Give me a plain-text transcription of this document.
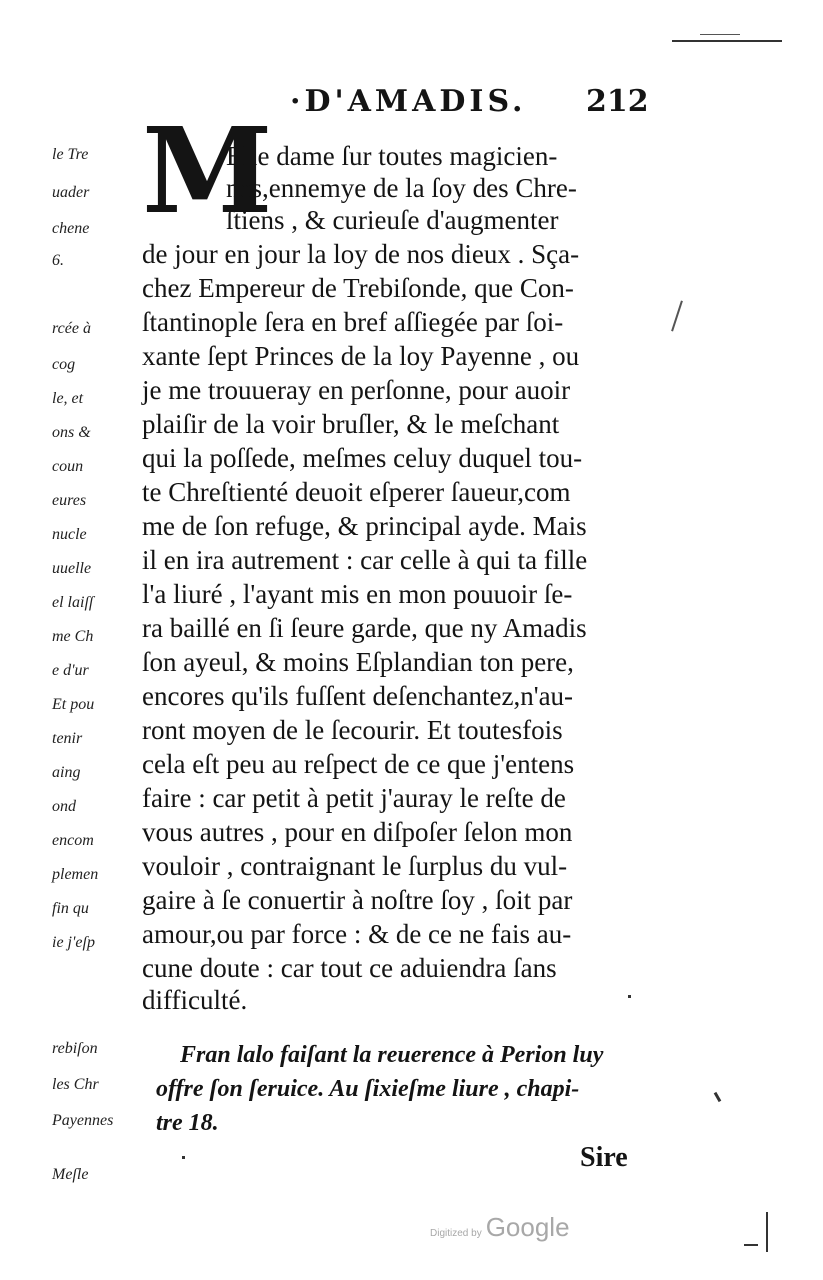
·D'AMADIS. 212
M
Elie dame ſur toutes magicien-
nes,ennemye de la ſoy des Chre-
ſtiens , & curieuſe d'augmenter
de jour en jour la loy de nos dieux . Sça-
chez Empereur de Trebiſonde, que Con-
ſtantinople ſera en bref aſſiegée par ſoi-
xante ſept Princes de la loy Payenne , ou
je me trouueray en perſonne, pour auoir
plaiſir de la voir bruſler, & le meſchant
qui la poſſede, meſmes celuy duquel tou-
te Chreſtienté deuoit eſperer ſaueur,com
me de ſon refuge, & principal ayde. Mais
il en ira autrement : car celle à qui ta fille
l'a liuré , l'ayant mis en mon pouuoir ſe-
ra baillé en ſi ſeure garde, que ny Amadis
ſon ayeul, & moins Eſplandian ton pere,
encores qu'ils fuſſent deſenchantez,n'au-
ront moyen de le ſecourir. Et toutesfois
cela eſt peu au reſpect de ce que j'entens
faire : car petit à petit j'auray le reſte de
vous autres , pour en diſpoſer ſelon mon
vouloir , contraignant le ſurplus du vul-
gaire à ſe conuertir à noſtre ſoy , ſoit par
amour,ou par force : & de ce ne fais au-
cune doute : car tout ce aduiendra ſans
difficulté.
le Tre
uader
chene
6.
rcée à
cog
le, et
ons &
coun
eures
nucle
uuelle
el laiſſ
me Ch
e d'ur
Et pou
tenir
aing
ond
encom
plemen
fin qu
ie j'eſp
rebiſon
les Chr
Payennes
Meſle
Fran lalo faiſant la reuerence à Perion luy
offre ſon ſeruice. Au ſixieſme liure , chapi-
tre 18.
Sire
Digitized by Google
